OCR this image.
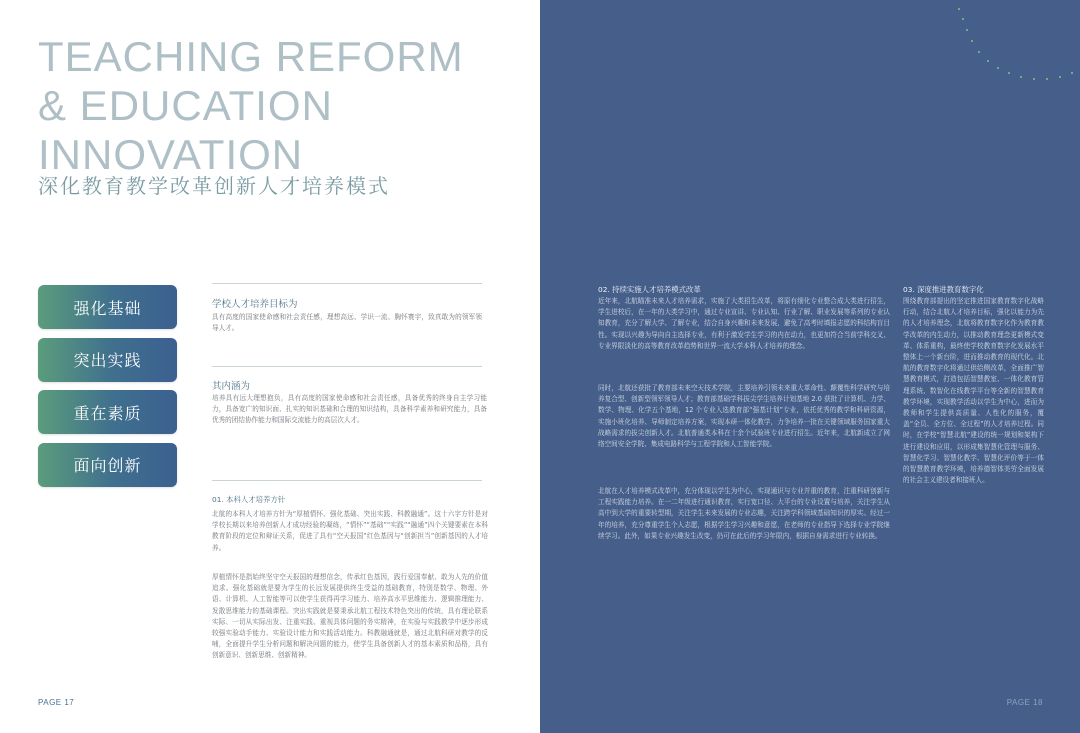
TEACHING REFORM
& EDUCATION
INNOVATION
深化教育教学改革创新人才培养模式
强化基础
突出实践
重在素质
面向创新
学校人才培养目标为
具有高度的国家使命感和社会责任感，理想高远、学识一流、胸怀寰宇，致真敢为的领军领导人才。
其内涵为
培养具有远大理想抱负，具有高度的国家使命感和社会责任感，具备优秀的终身自主学习能力，具备宽广的知识面、扎实的知识基础和合理的知识结构，具备科学素养和研究能力，具备优秀的团结协作能力和国际交流能力的高层次人才。
01. 本科人才培养方针
北航的本科人才培养方针为“厚植情怀、强化基础、突出实践、科教融通”。这十六字方针是对学校长期以来培养创新人才成功经验的凝练，“情怀”“基础”“实践”“融通”四个关键要素在本科教育阶段的定位和辩证关系，促进了具有“空天报国”红色基因与“创新担当”创新基因的人才培养。
厚植情怀是指始终坚守空天报国的理想信念，传承红色基因，践行爱国奉献、敢为人先的价值追求。强化基础就是要为学生的长远发展提供终生受益的基础教育，特别是数学、物理、外语、计算机、人工智能等可以使学生获得再学习能力、培养高水平思维能力、逻辑推理能力、发散思维能力的基础课程。突出实践就是要秉承北航工程技术特色突出的传统，具有理论联系实际、一切从实际出发、注重实践、重视具体问题的务实精神，在实验与实践教学中逐步形成较强实验动手能力、实验设计能力和实践活动能力。科教融通就是，通过北航科研对教学的反哺，全面提升学生分析问题和解决问题的能力，使学生具备创新人才的基本素质和品格，具有创新意识、创新思维、创新精神。
PAGE 17
02. 持续实施人才培养模式改革
近年来，北航瞄准未来人才培养需求，实施了大类招生改革，将原有细化专业整合成大类进行招生，学生进校后，在一年的大类学习中，通过专业宣讲、专业认知、行业了解、职业发展等系列的专业认知教育，充分了解大学、了解专业，结合自身兴趣和未来发展，避免了高考时填报志愿的科结构盲目性。实现以兴趣为导向自主选择专业，有利于激发学生学习的内在动力，也更加符合当前学科交叉、专业界限淡化的高等教育改革趋势和世界一流大学本科人才培养的理念。
同时，北航还获批了教育部未来空天技术学院，主要培养引领未来重大革命性、颠覆性科学研究与培养复合型、创新型领军领导人才；教育部基础学科拔尖学生培养计划基地 2.0 获批了计算机、力学、数学、物理、化学五个基地，12 个专业入选教育部“强基计划”专业，依托优秀的教学和科研资源，实施小班化培养、导师制定培养方案，实现本研一体化教学，力争培养一批在关键领域服务国家重大战略需求的拔尖创新人才。北航普通类本科在十余个试验班专业进行招生。近年来，北航新成立了网络空间安全学院、集成电路科学与工程学院和人工智能学院。
北航在人才培养模式改革中，充分体现以学生为中心，实现通识与专业并重的教育，注重科研创新与工程实践能力培养。在一二年级进行通识教育，实行宽口径、大平台的专业设置与培养，关注学生从高中到大学的重要转型期，关注学生未来发展的专业志趣，关注跨学科领域基础知识的厚实。经过一年的培养，充分尊重学生个人志愿，根据学生学习兴趣和意愿，在老师的专业指导下选择专业学院继续学习。此外，如果专业兴趣发生改变，仍可在此后的学习年限内，根据自身需求进行专业转换。
03. 深度推进教育数字化
围绕教育部提出的坚定推进国家教育数字化战略行动，结合北航人才培养目标，强化以能力为先的人才培养理念，北航将教育数字化作为教育教学改革的内生动力，以推动教育理念更新模式变革、体系重构，最终使学校教育数字化发展水平整体上一个新台阶，进而推动教育的现代化。北航的教育数字化将通过供给侧改革，全面推广智慧教育模式，打造包括智慧教室、一体化教育管理系统、数智化在线教学平台等全新的智慧教育教学环境，实现教学活动以学生为中心，进而为教师和学生提供高质量、人性化的服务，覆盖“全员、全方位、全过程”的人才培养过程。同时，在学校“智慧北航”建设的统一规划和架构下进行建设和应用，以形成集智慧化管理与服务、智慧化学习、智慧化教学、智慧化评价等于一体的智慧教育教学环境，培养德智体美劳全面发展的社会主义建设者和接班人。
PAGE 18
